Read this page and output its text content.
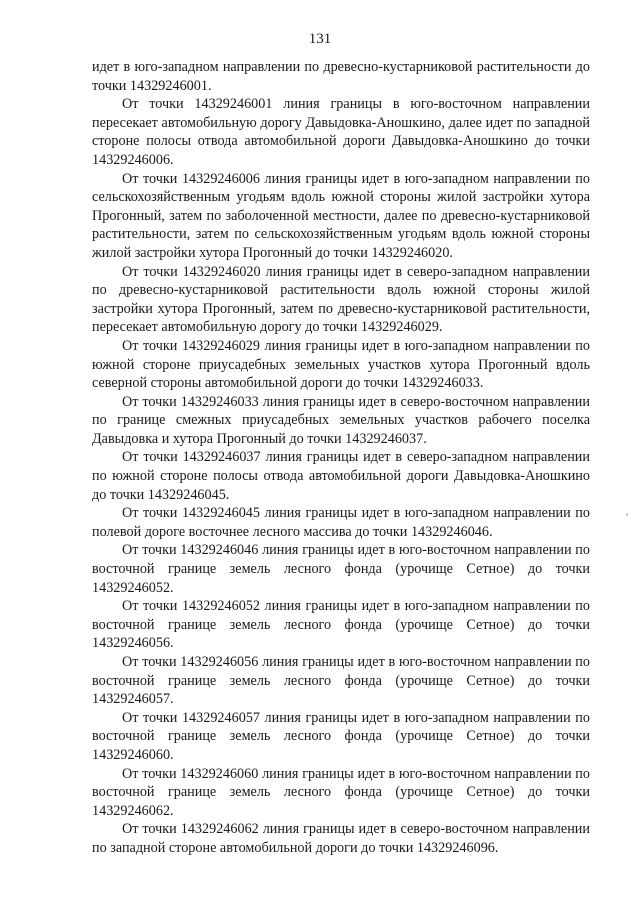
131

идет в юго-западном направлении по древесно-кустарниковой растительности до точки 14329246001.

От точки 14329246001 линия границы в юго-восточном направлении пересекает автомобильную дорогу Давыдовка-Аношкино, далее идет по западной стороне полосы отвода автомобильной дороги Давыдовка-Аношкино до точки 14329246006.

От точки 14329246006 линия границы идет в юго-западном направлении по сельскохозяйственным угодьям вдоль южной стороны жилой застройки хутора Прогонный, затем по заболоченной местности, далее по древесно-кустарниковой растительности, затем по сельскохозяйственным угодьям вдоль южной стороны жилой застройки хутора Прогонный до точки 14329246020.

От точки 14329246020 линия границы идет в северо-западном направлении по древесно-кустарниковой растительности вдоль южной стороны жилой застройки хутора Прогонный, затем по древесно-кустарниковой растительности, пересекает автомобильную дорогу до точки 14329246029.

От точки 14329246029 линия границы идет в юго-западном направлении по южной стороне приусадебных земельных участков хутора Прогонный вдоль северной стороны автомобильной дороги до точки 14329246033.

От точки 14329246033 линия границы идет в северо-восточном направлении по границе смежных приусадебных земельных участков рабочего поселка Давыдовка и хутора Прогонный до точки 14329246037.

От точки 14329246037 линия границы идет в северо-западном направлении по южной стороне полосы отвода автомобильной дороги Давыдовка-Аношкино до точки 14329246045.

От точки 14329246045 линия границы идет в юго-западном направлении по полевой дороге восточнее лесного массива до точки 14329246046.

От точки 14329246046 линия границы идет в юго-восточном направлении по восточной границе земель лесного фонда (урочище Сетное) до точки 14329246052.

От точки 14329246052 линия границы идет в юго-западном направлении по восточной границе земель лесного фонда (урочище Сетное) до точки 14329246056.

От точки 14329246056 линия границы идет в юго-восточном направлении по восточной границе земель лесного фонда (урочище Сетное) до точки 14329246057.

От точки 14329246057 линия границы идет в юго-западном направлении по восточной границе земель лесного фонда (урочище Сетное) до точки 14329246060.

От точки 14329246060 линия границы идет в юго-восточном направлении по восточной границе земель лесного фонда (урочище Сетное) до точки 14329246062.

От точки 14329246062 линия границы идет в северо-восточном направлении по западной стороне автомобильной дороги до точки 14329246096.
